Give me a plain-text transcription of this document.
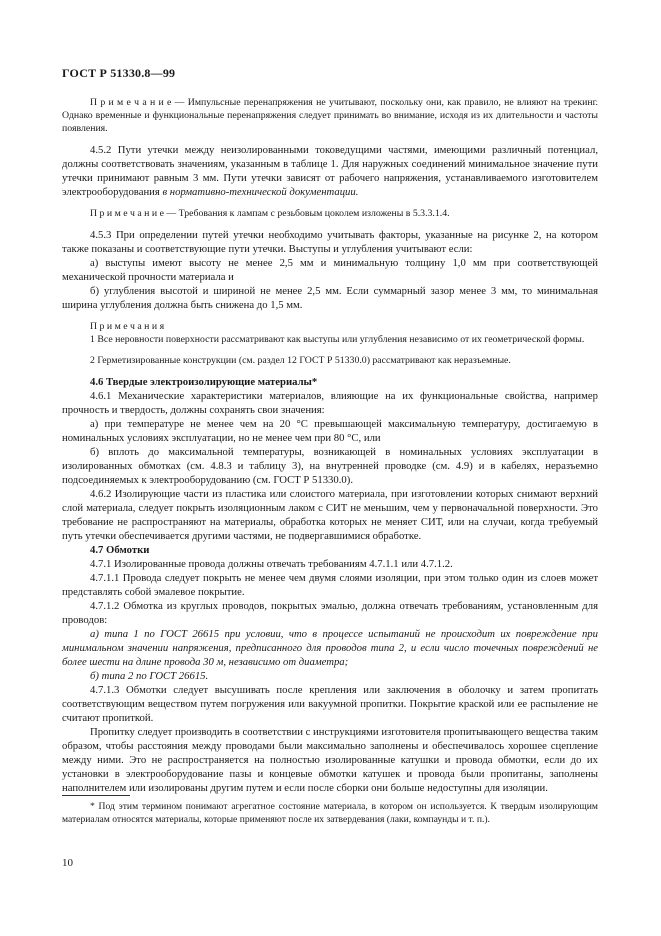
ГОСТ Р 51330.8—99

П р и м е ч а н и е — Импульсные перенапряжения не учитывают, поскольку они, как правило, не влияют на трекинг. Однако временные и функциональные перенапряжения следует принимать во внимание, исходя из их длительности и частоты появления.

4.5.2 Пути утечки между неизолированными токоведущими частями, имеющими различный потенциал, должны соответствовать значениям, указанным в таблице 1. Для наружных соединений минимальное значение пути утечки принимают равным 3 мм. Пути утечки зависят от рабочего напряжения, устанавливаемого изготовителем электрооборудования в нормативно-технической документации.

П р и м е ч а н и е — Требования к лампам с резьбовым цоколем изложены в 5.3.3.1.4.

4.5.3 При определении путей утечки необходимо учитывать факторы, указанные на рисунке 2, на котором также показаны и соответствующие пути утечки. Выступы и углубления учитывают если:

а) выступы имеют высоту не менее 2,5 мм и минимальную толщину 1,0 мм при соответствующей механической прочности материала и

б) углубления высотой и шириной не менее 2,5 мм. Если суммарный зазор менее 3 мм, то минимальная ширина углубления должна быть снижена до 1,5 мм.

П р и м е ч а н и я

1 Все неровности поверхности рассматривают как выступы или углубления независимо от их геометрической формы.

2 Герметизированные конструкции (см. раздел 12 ГОСТ Р 51330.0) рассматривают как неразъемные.

4.6 Твердые электроизолирующие материалы*

4.6.1 Механические характеристики материалов, влияющие на их функциональные свойства, например прочность и твердость, должны сохранять свои значения:

а) при температуре не менее чем на 20 °С превышающей максимальную температуру, достигаемую в номинальных условиях эксплуатации, но не менее чем при 80 °С, или

б) вплоть до максимальной температуры, возникающей в номинальных условиях эксплуатации в изолированных обмотках (см. 4.8.3 и таблицу 3), на внутренней проводке (см. 4.9) и в кабелях, неразъемно подсоединяемых к электрооборудованию (см. ГОСТ Р 51330.0).

4.6.2 Изолирующие части из пластика или слоистого материала, при изготовлении которых снимают верхний слой материала, следует покрыть изоляционным лаком с СИТ не меньшим, чем у первоначальной поверхности. Это требование не распространяют на материалы, обработка которых не меняет СИТ, или на случаи, когда требуемый путь утечки обеспечивается другими частями, не подвергавшимися обработке.

4.7 Обмотки

4.7.1 Изолированные провода должны отвечать требованиям 4.7.1.1 или 4.7.1.2.

4.7.1.1 Провода следует покрыть не менее чем двумя слоями изоляции, при этом только один из слоев может представлять собой эмалевое покрытие.

4.7.1.2 Обмотка из круглых проводов, покрытых эмалью, должна отвечать требованиям, установленным для проводов:

а) типа 1 по ГОСТ 26615 при условии, что в процессе испытаний не происходит их повреждение при минимальном значении напряжения, предписанного для проводов типа 2, и если число точечных повреждений не более шести на длине провода 30 м, независимо от диаметра;

б) типа 2 по ГОСТ 26615.

4.7.1.3 Обмотки следует высушивать после крепления или заключения в оболочку и затем пропитать соответствующим веществом путем погружения или вакуумной пропитки. Покрытие краской или ее распыление не считают пропиткой.

Пропитку следует производить в соответствии с инструкциями изготовителя пропитывающего вещества таким образом, чтобы расстояния между проводами были максимально заполнены и обеспечивалось хорошее сцепление между ними. Это не распространяется на полностью изолированные катушки и провода обмотки, если до их установки в электрооборудование пазы и концевые обмотки катушек и провода были пропитаны, заполнены наполнителем или изолированы другим путем и если после сборки они больше недоступны для изоляции.

* Под этим термином понимают агрегатное состояние материала, в котором он используется. К твердым изолирующим материалам относятся материалы, которые применяют после их затвердевания (лаки, компаунды и т. п.).

10
